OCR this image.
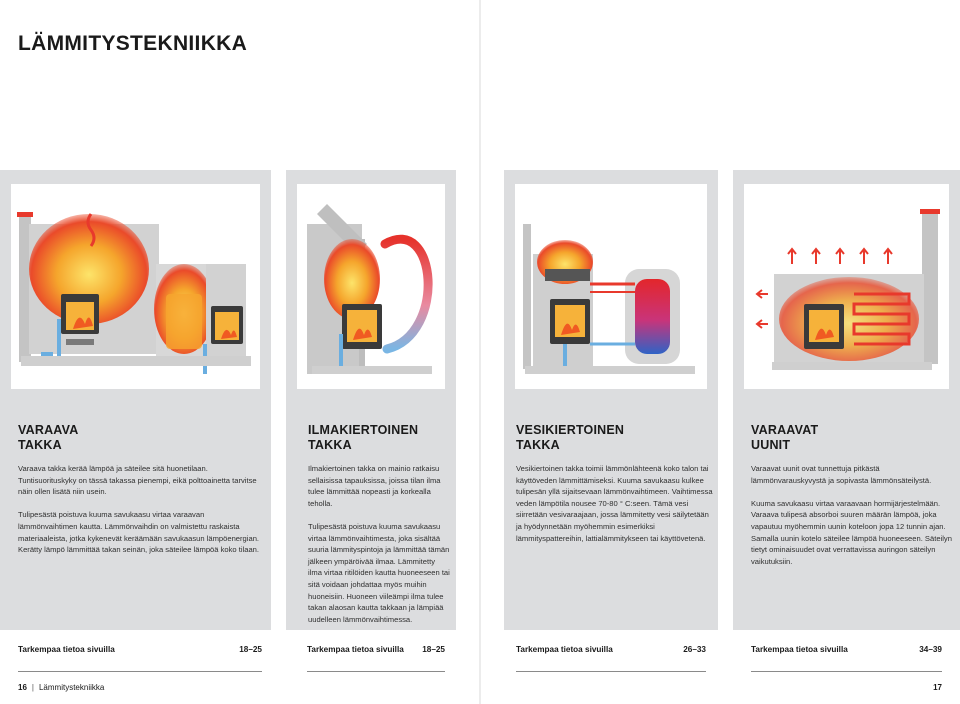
LÄMMITYSTEKNIIKKA
VARAAVA
TAKKA

Varaava takka kerää lämpöä ja säteilee sitä huonetilaan. Tuntisuorituskyky on tässä takassa pienempi, eikä polttoainetta tarvitse näin ollen lisätä niin usein.

Tulipesästä poistuva kuuma savukaasu virtaa varaavan lämmönvaihtimen kautta. Lämmönvaihdin on valmistettu raskaista materiaaleista, jotka kykenevät keräämään savukaasun lämpöenergian. Kerätty lämpö lämmittää takan seinän, joka säteilee lämpöä koko tilaan.

ILMAKIERTOINEN
TAKKA

Ilmakiertoinen takka on mainio ratkaisu sellaisissa tapauksissa, joissa tilan ilma tulee lämmittää nopeasti ja korkealla teholla.

Tulipesästä poistuva kuuma savukaasu virtaa lämmönvaihtimesta, joka sisältää suuria lämmityspintoja ja lämmittää tämän jälkeen ympäröivää ilmaa. Lämmitetty ilma virtaa ritilöiden kautta huoneeseen tai sitä voidaan johdattaa myös muihin huoneisiin. Huoneen viileämpi ilma tulee takan alaosan kautta takkaan ja lämpiää uudelleen lämmönvaihtimessa.

VESIKIERTOINEN
TAKKA

Vesikiertoinen takka toimii lämmönlähteenä koko talon tai käyttöveden lämmittämiseksi. Kuuma savukaasu kulkee tulipesän yllä sijaitsevaan lämmönvaihtimeen. Vaihtimessa veden lämpötila nousee 70-80 ° C:seen. Tämä vesi siirretään vesivaraajaan, jossa lämmitetty vesi säilytetään ja hyödynnetään myöhemmin esimerkiksi lämmityspattereihin, lattialämmitykseen tai käyttövetenä.

VARAAVAT
UUNIT

Varaavat uunit ovat tunnettuja pitkästä lämmönvarauskyvystä ja sopivasta lämmönsäteilystä.

Kuuma savukaasu virtaa varaavaan hormijärjestelmään. Varaava tulipesä absorboi suuren määrän lämpöä, joka vapautuu myöhemmin uunin koteloon jopa 12 tunnin ajan. Samalla uunin kotelo säteilee lämpöä huoneeseen. Säteilyn tietyt ominaisuudet ovat verrattavissa auringon säteilyn vaikutuksiin.

Tarkempaa tietoa sivuilla	18–25	Tarkempaa tietoa sivuilla 18–25	Tarkempaa tietoa sivuilla	26–33	Tarkempaa tietoa sivuilla	34–39
16 | Lämmitystekniikka	17
